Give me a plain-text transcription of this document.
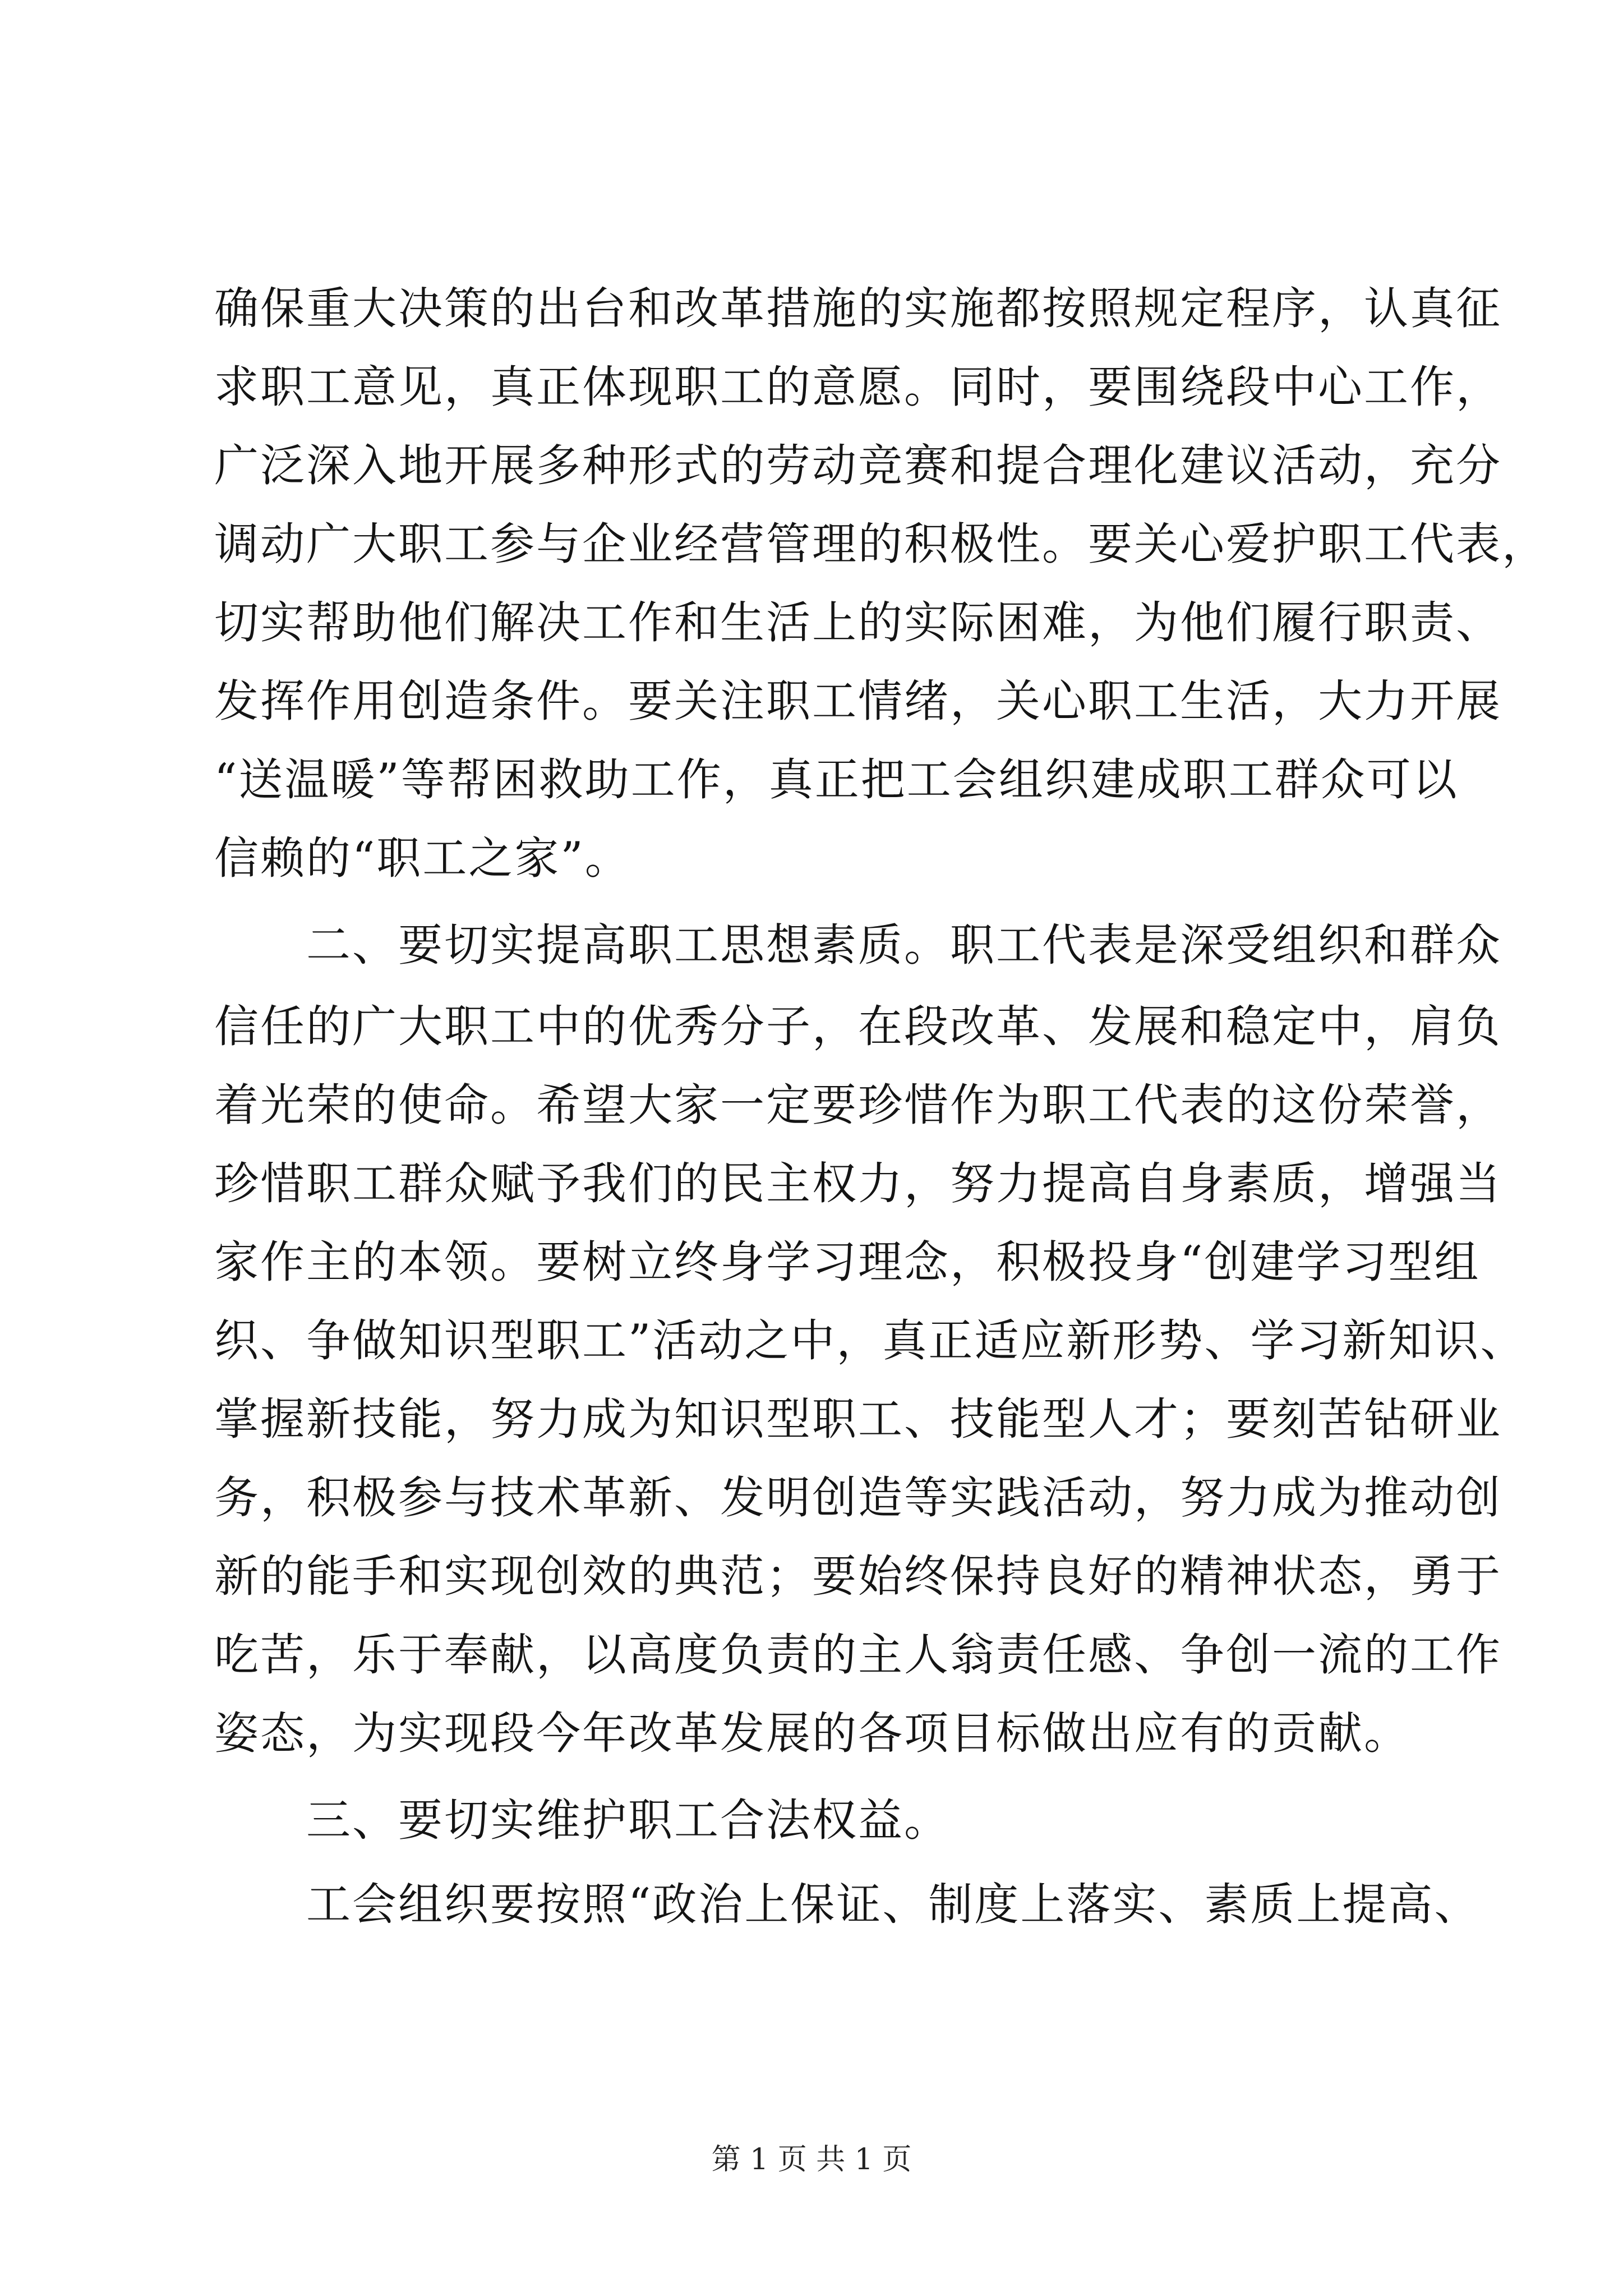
确保重大决策的出台和改革措施的实施都按照规定程序，认真征
求职工意见，真正体现职工的意愿。同时，要围绕段中心工作，
广泛深入地开展多种形式的劳动竞赛和提合理化建议活动，充分
调动广大职工参与企业经营管理的积极性。要关心爱护职工代表，
切实帮助他们解决工作和生活上的实际困难，为他们履行职责、
发挥作用创造条件。要关注职工情绪，关心职工生活，大力开展
“送温暖”等帮困救助工作，真正把工会组织建成职工群众可以
信赖的“职工之家”。
　　二、要切实提高职工思想素质。职工代表是深受组织和群众
信任的广大职工中的优秀分子，在段改革、发展和稳定中，肩负
着光荣的使命。希望大家一定要珍惜作为职工代表的这份荣誉，
珍惜职工群众赋予我们的民主权力，努力提高自身素质，增强当
家作主的本领。要树立终身学习理念，积极投身“创建学习型组
织、争做知识型职工”活动之中，真正适应新形势、学习新知识、
掌握新技能，努力成为知识型职工、技能型人才；要刻苦钻研业
务，积极参与技术革新、发明创造等实践活动，努力成为推动创
新的能手和实现创效的典范；要始终保持良好的精神状态，勇于
吃苦，乐于奉献，以高度负责的主人翁责任感、争创一流的工作
姿态，为实现段今年改革发展的各项目标做出应有的贡献。
　　三、要切实维护职工合法权益。
　　工会组织要按照“政治上保证、制度上落实、素质上提高、
第 1 页 共 1 页
